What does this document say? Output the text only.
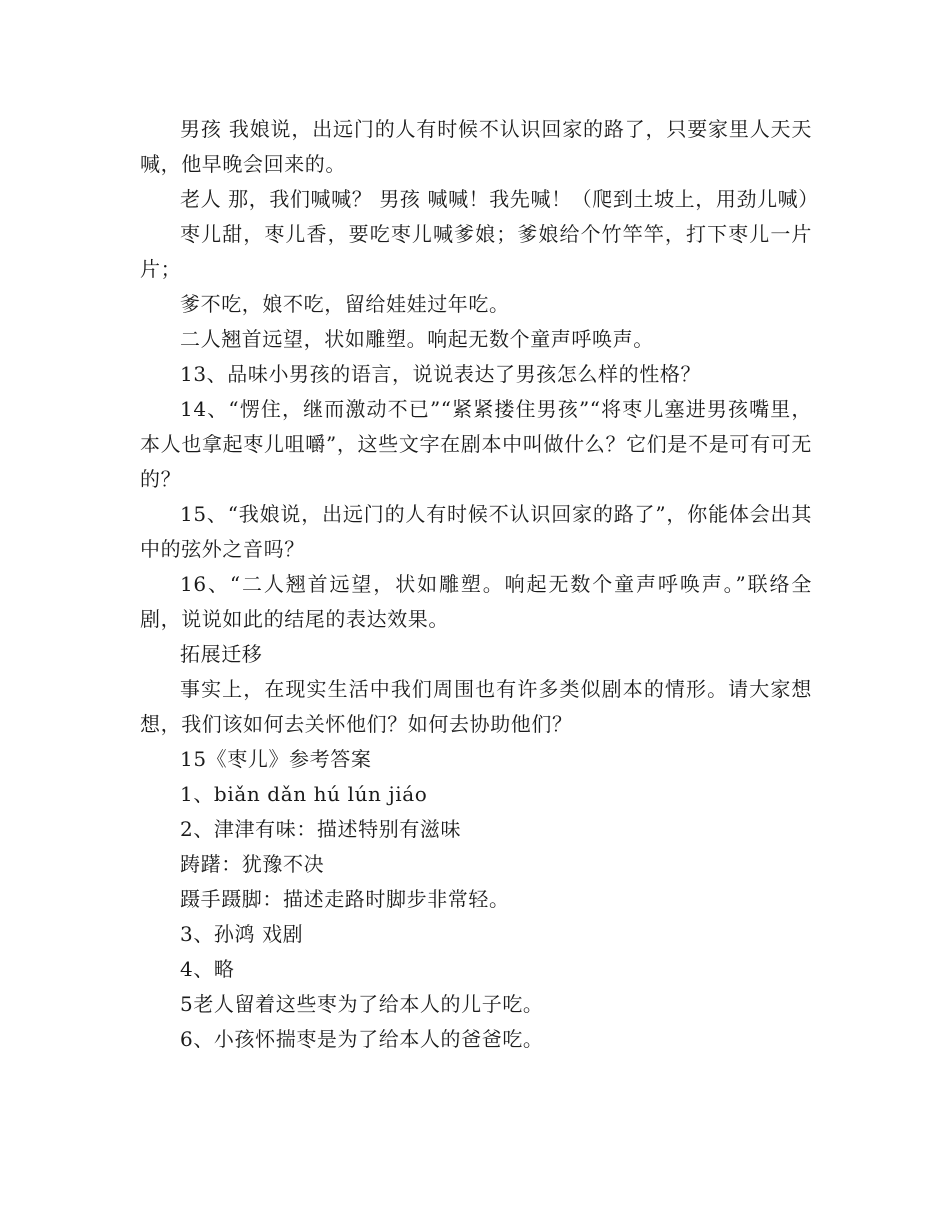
男孩 我娘说，出远门的人有时候不认识回家的路了，只要家里人天天喊，他早晚会回来的。

老人 那，我们喊喊？ 男孩 喊喊！我先喊！（爬到土坡上，用劲儿喊）

枣儿甜，枣儿香，要吃枣儿喊爹娘；爹娘给个竹竿竿，打下枣儿一片片；

爹不吃，娘不吃，留给娃娃过年吃。

二人翘首远望，状如雕塑。响起无数个童声呼唤声。

13、品味小男孩的语言，说说表达了男孩怎么样的性格？

14、“愣住，继而激动不已”“紧紧搂住男孩”“将枣儿塞进男孩嘴里，本人也拿起枣儿咀嚼”，这些文字在剧本中叫做什么？它们是不是可有可无的？

15、“我娘说，出远门的人有时候不认识回家的路了”，你能体会出其中的弦外之音吗？

16、“二人翘首远望，状如雕塑。响起无数个童声呼唤声。”联络全剧，说说如此的结尾的表达效果。

拓展迁移

事实上，在现实生活中我们周围也有许多类似剧本的情形。请大家想想，我们该如何去关怀他们？如何去协助他们？

15《枣儿》参考答案

1、biǎn dǎn hú lún jiáo

2、津津有味：描述特别有滋味

踌躇：犹豫不决

蹑手蹑脚：描述走路时脚步非常轻。

3、孙鸿 戏剧

4、略

5老人留着这些枣为了给本人的儿子吃。

6、小孩怀揣枣是为了给本人的爸爸吃。
